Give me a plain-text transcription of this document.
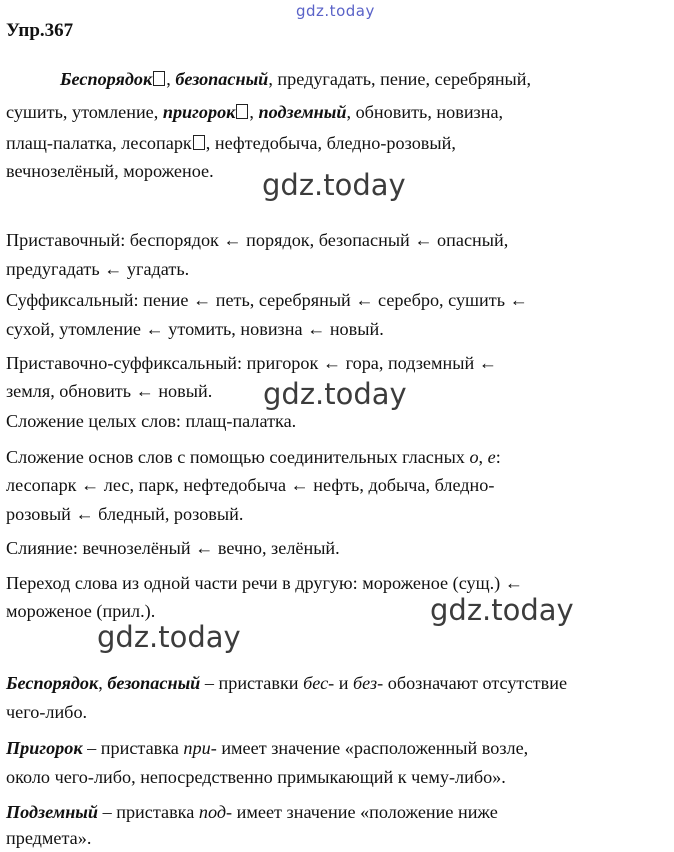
gdz.today
gdz.today
gdz.today
gdz.today
gdz.today
Упр.367
Беспорядок , безопасный, предугадать, пение, серебряный,
сушить, утомление, пригорок , подземный, обновить, новизна,
плащ-палатка, лесопарк , нефтедобыча, бледно-розовый,
вечнозелёный, мороженое.
Приставочный: беспорядок ← порядок, безопасный ← опасный,
предугадать ← угадать.
Суффиксальный: пение ← петь, серебряный ← серебро, сушить ←
сухой, утомление ← утомить, новизна ← новый.
Приставочно-суффиксальный: пригорок ← гора, подземный ←
земля, обновить ← новый.
Сложение целых слов: плащ-палатка.
Сложение основ слов с помощью соединительных гласных о, е:
лесопарк ← лес, парк, нефтедобыча ← нефть, добыча, бледно-
розовый ← бледный, розовый.
Слияние: вечнозелёный ← вечно, зелёный.
Переход слова из одной части речи в другую: мороженое (сущ.) ←
мороженое (прил.).
Беспорядок, безопасный – приставки бес- и без- обозначают отсутствие
чего-либо.
Пригорок – приставка при- имеет значение «расположенный возле,
около чего-либо, непосредственно примыкающий к чему-либо».
Подземный – приставка под- имеет значение «положение ниже
предмета».
